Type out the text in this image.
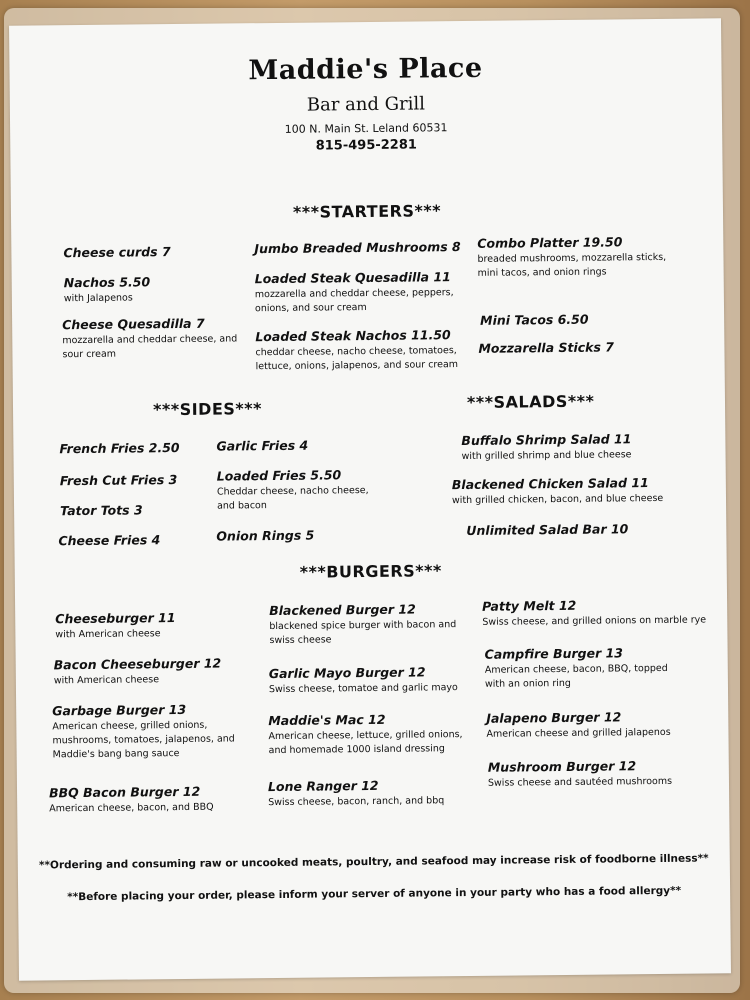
Maddie's Place
Bar and Grill
100 N. Main St. Leland 60531
815-495-2281
***STARTERS***
Cheese curds 7
Nachos 5.50
with Jalapenos
Cheese Quesadilla 7
mozzarella and cheddar cheese, and sour cream
Jumbo Breaded Mushrooms 8
Loaded Steak Quesadilla 11
mozzarella and cheddar cheese, peppers, onions, and sour cream
Loaded Steak Nachos 11.50
cheddar cheese, nacho cheese, tomatoes, lettuce, onions, jalapenos, and sour cream
Combo Platter 19.50
breaded mushrooms, mozzarella sticks, mini tacos, and onion rings
Mini Tacos 6.50
Mozzarella Sticks 7
***SIDES***
French Fries 2.50
Fresh Cut Fries 3
Tator Tots 3
Cheese Fries 4
Garlic Fries 4
Loaded Fries 5.50
Cheddar cheese, nacho cheese, and bacon
Onion Rings 5
***SALADS***
Buffalo Shrimp Salad 11
with grilled shrimp and blue cheese
Blackened Chicken Salad 11
with grilled chicken, bacon, and blue cheese
Unlimited Salad Bar 10
***BURGERS***
Cheeseburger 11
with American cheese
Bacon Cheeseburger 12
with American cheese
Garbage Burger 13
American cheese, grilled onions, mushrooms, tomatoes, jalapenos, and Maddie's bang bang sauce
BBQ Bacon Burger 12
American cheese, bacon, and BBQ
Blackened Burger 12
blackened spice burger with bacon and swiss cheese
Garlic Mayo Burger 12
Swiss cheese, tomatoe and garlic mayo
Maddie's Mac 12
American cheese, lettuce, grilled onions, and homemade 1000 island dressing
Lone Ranger 12
Swiss cheese, bacon, ranch, and bbq
Patty Melt 12
Swiss cheese, and grilled onions on marble rye
Campfire Burger 13
American cheese, bacon, BBQ, topped with an onion ring
Jalapeno Burger 12
American cheese and grilled jalapenos
Mushroom Burger 12
Swiss cheese and sautéed mushrooms
**Ordering and consuming raw or uncooked meats, poultry, and seafood may increase risk of foodborne illness**
**Before placing your order, please inform your server of anyone in your party who has a food allergy**
